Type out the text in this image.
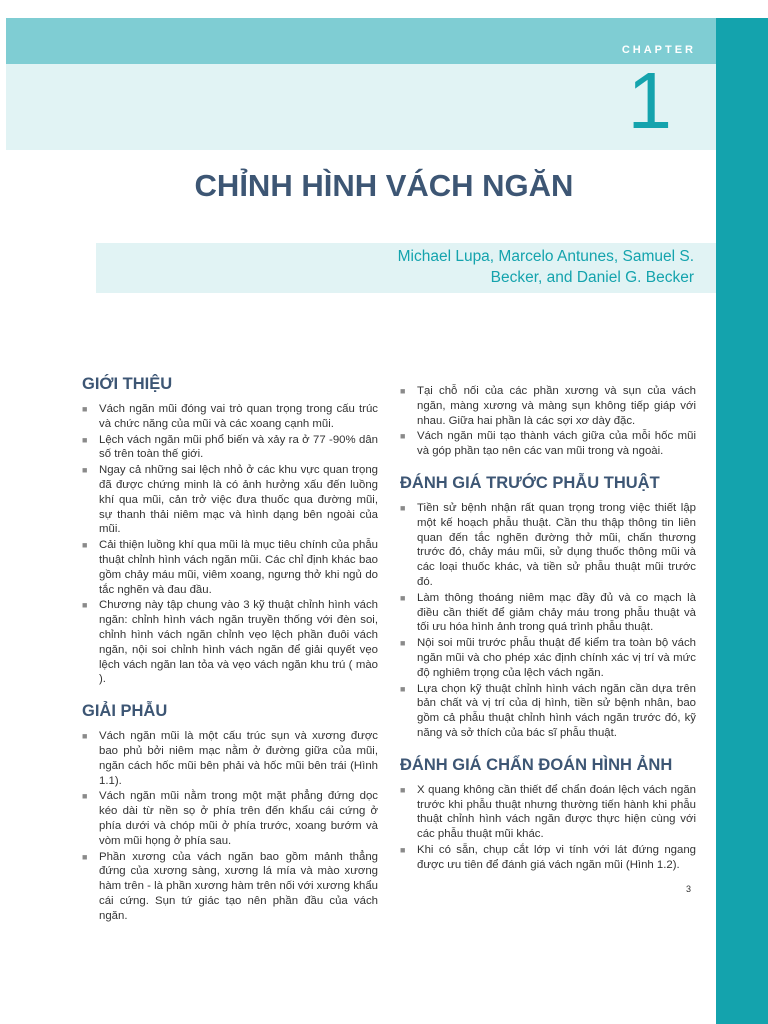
CHAPTER
1
CHỈNH HÌNH VÁCH NGĂN
Michael Lupa, Marcelo Antunes, Samuel S.
Becker, and Daniel G. Becker
GIỚI THIỆU
■ Vách ngăn mũi đóng vai trò quan trọng trong cấu trúc và chức năng của mũi và các xoang cạnh mũi.
■ Lệch vách ngăn mũi phổ biến và xảy ra ở 77 -90% dân số trên toàn thế giới.
■ Ngay cả những sai lệch nhỏ ở các khu vực quan trọng đã được chứng minh là có ảnh hưởng xấu đến luồng khí qua mũi, cản trở việc đưa thuốc qua đường mũi, sự thanh thải niêm mạc và hình dạng bên ngoài của mũi.
■ Cải thiện luồng khí qua mũi là mục tiêu chính của phẫu thuật chỉnh hình vách ngăn mũi. Các chỉ định khác bao gồm chảy máu mũi, viêm xoang, ngưng thở khi ngủ do tắc nghẽn và đau đầu.
■ Chương này tập chung vào 3 kỹ thuật chỉnh hình vách ngăn: chỉnh hình vách ngăn truyền thống với đèn soi, chỉnh hình vách ngăn chỉnh vẹo lệch phần đuôi vách ngăn, nội soi chỉnh hình vách ngăn để giải quyết vẹo lệch vách ngăn lan tỏa và vẹo vách ngăn khu trú ( mào ).
GIẢI PHẪU
■ Vách ngăn mũi là một cấu trúc sụn và xương được bao phủ bởi niêm mạc nằm ở đường giữa của mũi, ngăn cách hốc mũi bên phải và hốc mũi bên trái (Hình 1.1).
■ Vách ngăn mũi nằm trong một mặt phẳng đứng dọc kéo dài từ nền sọ ở phía trên đến khẩu cái cứng ở phía dưới và chóp mũi ở phía trước, xoang bướm và vòm mũi họng ở phía sau.
■ Phần xương của vách ngăn bao gồm mảnh thẳng đứng của xương sàng, xương lá mía và mào xương hàm trên - là phần xương hàm trên nối với xương khẩu cái cứng. Sụn tứ giác tạo nên phần đầu của vách ngăn.
■ Tại chỗ nối của các phần xương và sụn của vách ngăn, màng xương và màng sụn không tiếp giáp với nhau. Giữa hai phần là các sợi xơ dày đặc.
■ Vách ngăn mũi tạo thành vách giữa của mỗi hốc mũi và góp phần tạo nên các van mũi trong và ngoài.
ĐÁNH GIÁ TRƯỚC PHẪU THUẬT
■ Tiền sử bệnh nhận rất quan trọng trong việc thiết lập một kế hoạch phẫu thuật. Cần thu thập thông tin liên quan đến tắc nghẽn đường thở mũi, chấn thương trước đó, chảy máu mũi, sử dụng thuốc thông mũi và các loại thuốc khác, và tiền sử phẫu thuật mũi trước đó.
■ Làm thông thoáng niêm mạc đầy đủ và co mạch là điều cần thiết để giảm chảy máu trong phẫu thuật và tối ưu hóa hình ảnh trong quá trình phẫu thuật.
■ Nội soi mũi trước phẫu thuật để kiểm tra toàn bộ vách ngăn mũi và cho phép xác định chính xác vị trí và mức độ nghiêm trọng của lệch vách ngăn.
■ Lựa chọn kỹ thuật chỉnh hình vách ngăn cần dựa trên bản chất và vị trí của dị hình, tiền sử bệnh nhân, bao gồm cả phẫu thuật chỉnh hình vách ngăn trước đó, kỹ năng và sở thích của bác sĩ phẫu thuật.
ĐÁNH GIÁ CHẨN ĐOÁN HÌNH ẢNH
■ X quang không cần thiết để chẩn đoán lệch vách ngăn trước khi phẫu thuật nhưng thường tiến hành khi phẫu thuật chỉnh hình vách ngăn được thực hiện cùng với các phẫu thuật mũi khác.
■ Khi có sẵn, chụp cắt lớp vi tính với lát đứng ngang được ưu tiên để đánh giá vách ngăn mũi (Hình 1.2).
3
